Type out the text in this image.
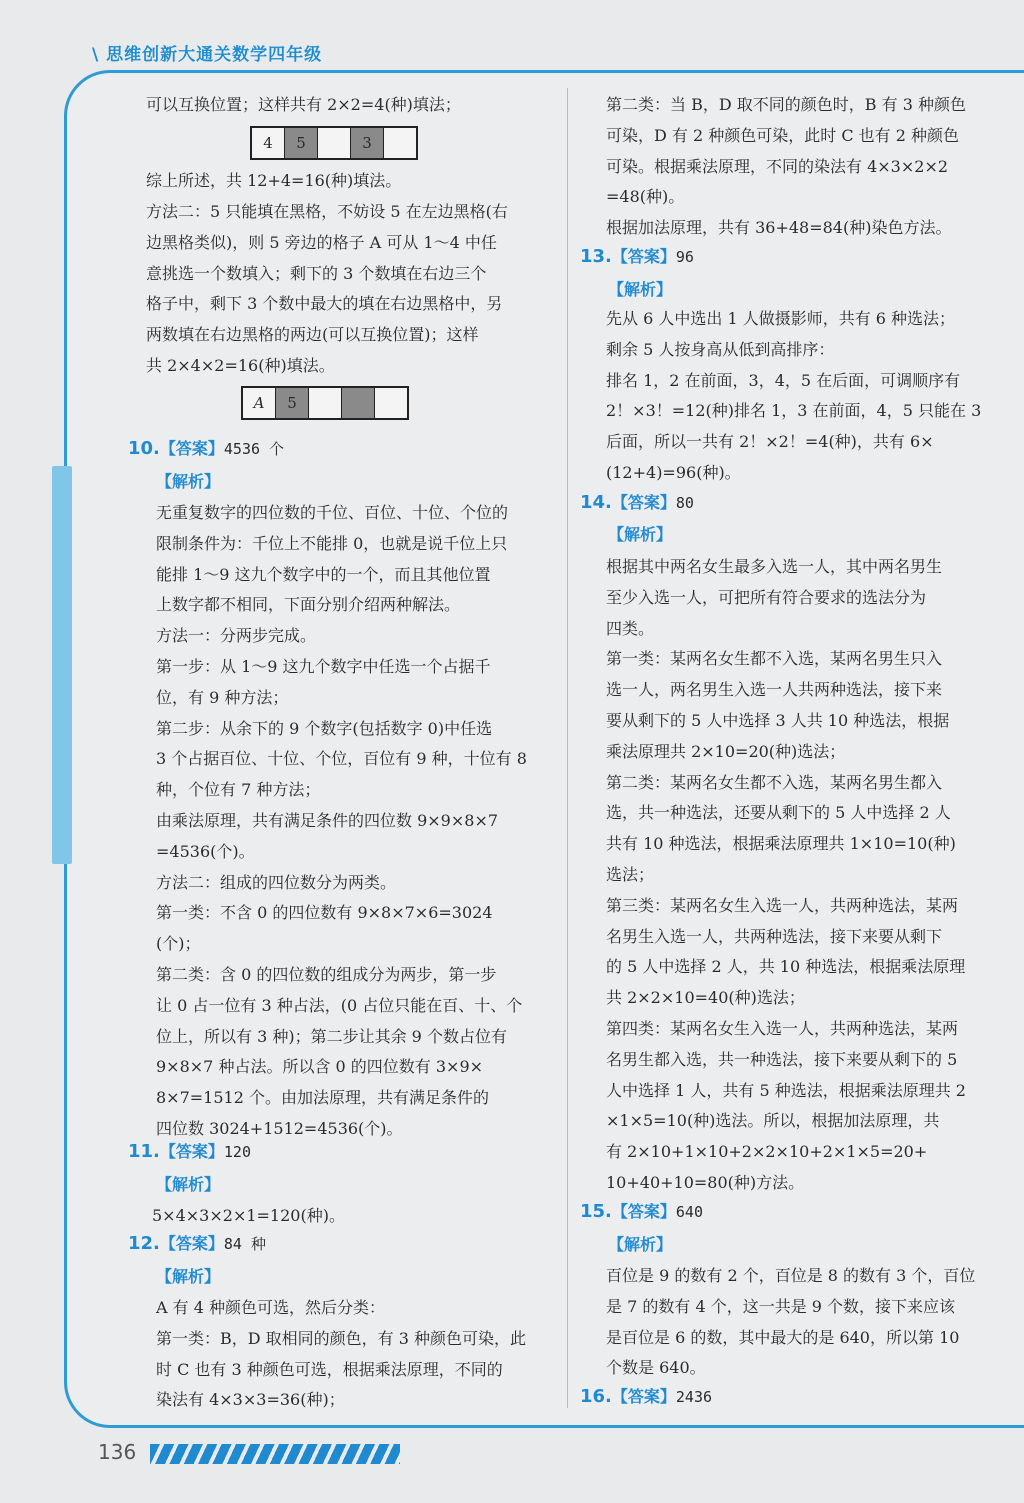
\ 思维创新大通关数学四年级
可以互换位置；这样共有 2×2=4(种)填法；
4	5	3
综上所述，共 12+4=16(种)填法。
方法二：5 只能填在黑格，不妨设 5 在左边黑格(右
边黑格类似)，则 5 旁边的格子 A 可从 1～4 中任
意挑选一个数填入；剩下的 3 个数填在右边三个
格子中，剩下 3 个数中最大的填在右边黑格中，另
两数填在右边黑格的两边(可以互换位置)；这样
共 2×4×2=16(种)填法。
A	5
10.【答案】4536 个
【解析】
无重复数字的四位数的千位、百位、十位、个位的
限制条件为：千位上不能排 0，也就是说千位上只
能排 1～9 这九个数字中的一个，而且其他位置
上数字都不相同，下面分别介绍两种解法。
方法一：分两步完成。
第一步：从 1～9 这九个数字中任选一个占据千
位，有 9 种方法；
第二步：从余下的 9 个数字(包括数字 0)中任选
3 个占据百位、十位、个位，百位有 9 种，十位有 8
种，个位有 7 种方法；
由乘法原理，共有满足条件的四位数 9×9×8×7
=4536(个)。
方法二：组成的四位数分为两类。
第一类：不含 0 的四位数有 9×8×7×6=3024
(个)；
第二类：含 0 的四位数的组成分为两步，第一步
让 0 占一位有 3 种占法，(0 占位只能在百、十、个
位上，所以有 3 种)；第二步让其余 9 个数占位有
9×8×7 种占法。所以含 0 的四位数有 3×9×
8×7=1512 个。由加法原理，共有满足条件的
四位数 3024+1512=4536(个)。
11.【答案】120
【解析】
5×4×3×2×1=120(种)。
12.【答案】84 种
【解析】
A 有 4 种颜色可选，然后分类：
第一类：B，D 取相同的颜色，有 3 种颜色可染，此
时 C 也有 3 种颜色可选，根据乘法原理，不同的
染法有 4×3×3=36(种)；
第二类：当 B，D 取不同的颜色时，B 有 3 种颜色
可染，D 有 2 种颜色可染，此时 C 也有 2 种颜色
可染。根据乘法原理，不同的染法有 4×3×2×2
=48(种)。
根据加法原理，共有 36+48=84(种)染色方法。
13.【答案】96
【解析】
先从 6 人中选出 1 人做摄影师，共有 6 种选法；
剩余 5 人按身高从低到高排序：
排名 1，2 在前面，3，4，5 在后面，可调顺序有
2！×3！=12(种)排名 1，3 在前面，4，5 只能在 3
后面，所以一共有 2！×2！=4(种)，共有 6×
(12+4)=96(种)。
14.【答案】80
【解析】
根据其中两名女生最多入选一人，其中两名男生
至少入选一人，可把所有符合要求的选法分为
四类。
第一类：某两名女生都不入选，某两名男生只入
选一人，两名男生入选一人共两种选法，接下来
要从剩下的 5 人中选择 3 人共 10 种选法，根据
乘法原理共 2×10=20(种)选法；
第二类：某两名女生都不入选，某两名男生都入
选，共一种选法，还要从剩下的 5 人中选择 2 人
共有 10 种选法，根据乘法原理共 1×10=10(种)
选法；
第三类：某两名女生入选一人，共两种选法，某两
名男生入选一人，共两种选法，接下来要从剩下
的 5 人中选择 2 人，共 10 种选法，根据乘法原理
共 2×2×10=40(种)选法；
第四类：某两名女生入选一人，共两种选法，某两
名男生都入选，共一种选法，接下来要从剩下的 5
人中选择 1 人，共有 5 种选法，根据乘法原理共 2
×1×5=10(种)选法。所以，根据加法原理，共
有 2×10+1×10+2×2×10+2×1×5=20+
10+40+10=80(种)方法。
15.【答案】640
【解析】
百位是 9 的数有 2 个，百位是 8 的数有 3 个，百位
是 7 的数有 4 个，这一共是 9 个数，接下来应该
是百位是 6 的数，其中最大的是 640，所以第 10
个数是 640。
16.【答案】2436
136
